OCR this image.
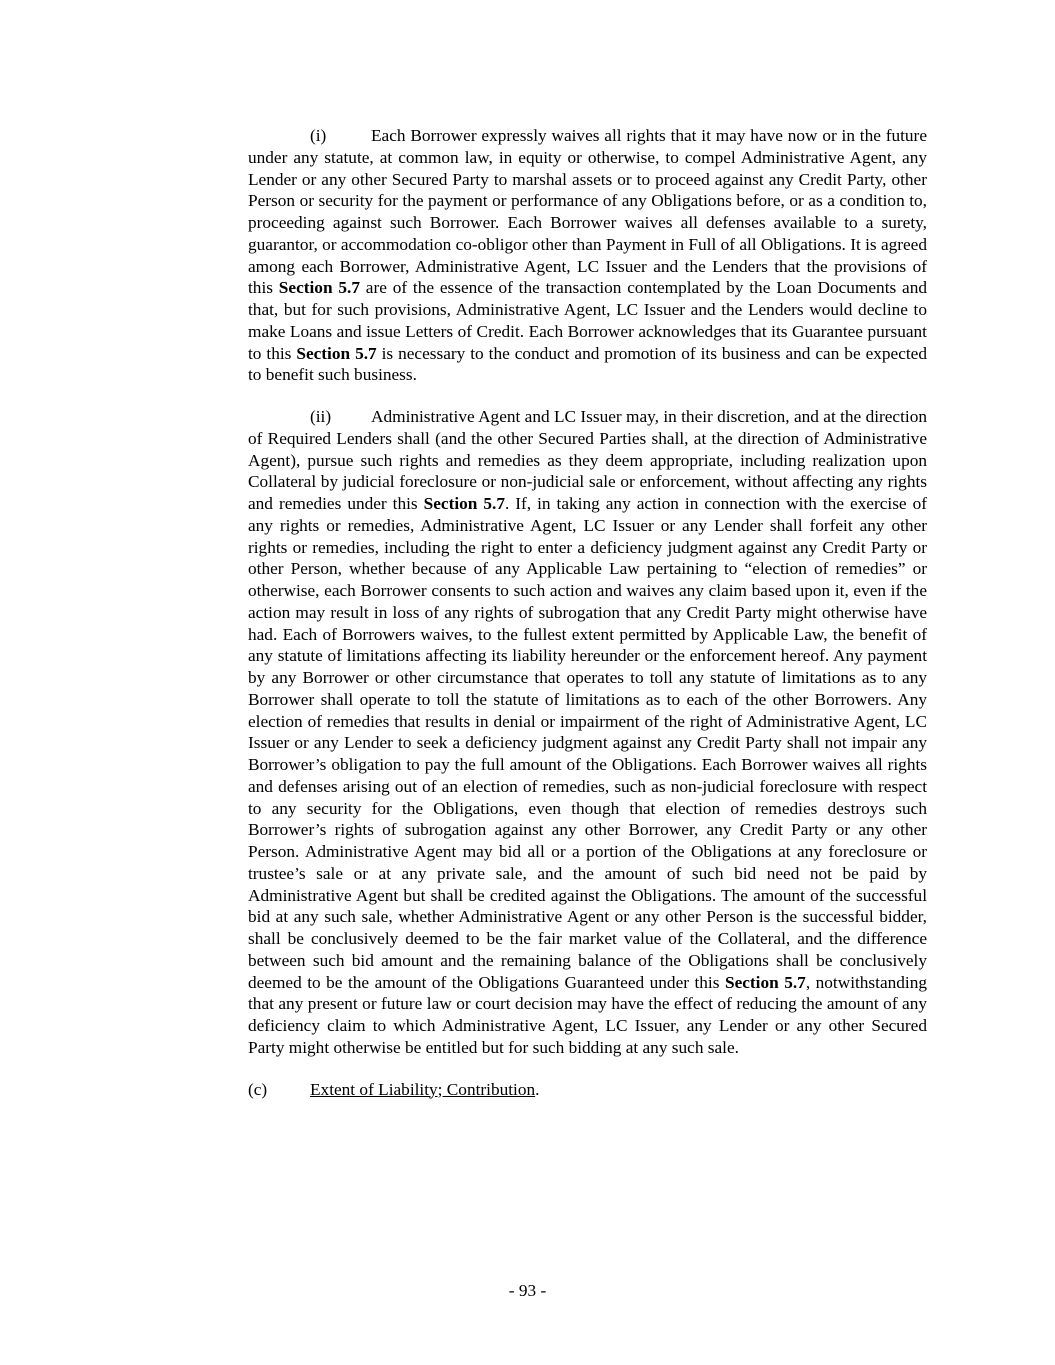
(i)	Each Borrower expressly waives all rights that it may have now or in the future under any statute, at common law, in equity or otherwise, to compel Administrative Agent, any Lender or any other Secured Party to marshal assets or to proceed against any Credit Party, other Person or security for the payment or performance of any Obligations before, or as a condition to, proceeding against such Borrower. Each Borrower waives all defenses available to a surety, guarantor, or accommodation co-obligor other than Payment in Full of all Obligations. It is agreed among each Borrower, Administrative Agent, LC Issuer and the Lenders that the provisions of this Section 5.7 are of the essence of the transaction contemplated by the Loan Documents and that, but for such provisions, Administrative Agent, LC Issuer and the Lenders would decline to make Loans and issue Letters of Credit. Each Borrower acknowledges that its Guarantee pursuant to this Section 5.7 is necessary to the conduct and promotion of its business and can be expected to benefit such business.

(ii) Administrative Agent and LC Issuer may, in their discretion, and at the direction of Required Lenders shall (and the other Secured Parties shall, at the direction of Administrative Agent), pursue such rights and remedies as they deem appropriate, including realization upon Collateral by judicial foreclosure or non-judicial sale or enforcement, without affecting any rights and remedies under this Section 5.7. If, in taking any action in connection with the exercise of any rights or remedies, Administrative Agent, LC Issuer or any Lender shall forfeit any other rights or remedies, including the right to enter a deficiency judgment against any Credit Party or other Person, whether because of any Applicable Law pertaining to “election of remedies” or otherwise, each Borrower consents to such action and waives any claim based upon it, even if the action may result in loss of any rights of subrogation that any Credit Party might otherwise have had. Each of Borrowers waives, to the fullest extent permitted by Applicable Law, the benefit of any statute of limitations affecting its liability hereunder or the enforcement hereof. Any payment by any Borrower or other circumstance that operates to toll any statute of limitations as to any Borrower shall operate to toll the statute of limitations as to each of the other Borrowers. Any election of remedies that results in denial or impairment of the right of Administrative Agent, LC Issuer or any Lender to seek a deficiency judgment against any Credit Party shall not impair any Borrower’s obligation to pay the full amount of the Obligations. Each Borrower waives all rights and defenses arising out of an election of remedies, such as non-judicial foreclosure with respect to any security for the Obligations, even though that election of remedies destroys such Borrower’s rights of subrogation against any other Borrower, any Credit Party or any other Person. Administrative Agent may bid all or a portion of the Obligations at any foreclosure or trustee’s sale or at any private sale, and the amount of such bid need not be paid by Administrative Agent but shall be credited against the Obligations. The amount of the successful bid at any such sale, whether Administrative Agent or any other Person is the successful bidder, shall be conclusively deemed to be the fair market value of the Collateral, and the difference between such bid amount and the remaining balance of the Obligations shall be conclusively deemed to be the amount of the Obligations Guaranteed under this Section 5.7, notwithstanding that any present or future law or court decision may have the effect of reducing the amount of any deficiency claim to which Administrative Agent, LC Issuer, any Lender or any other Secured Party might otherwise be entitled but for such bidding at any such sale.

(c)	Extent of Liability; Contribution.
- 93 -
